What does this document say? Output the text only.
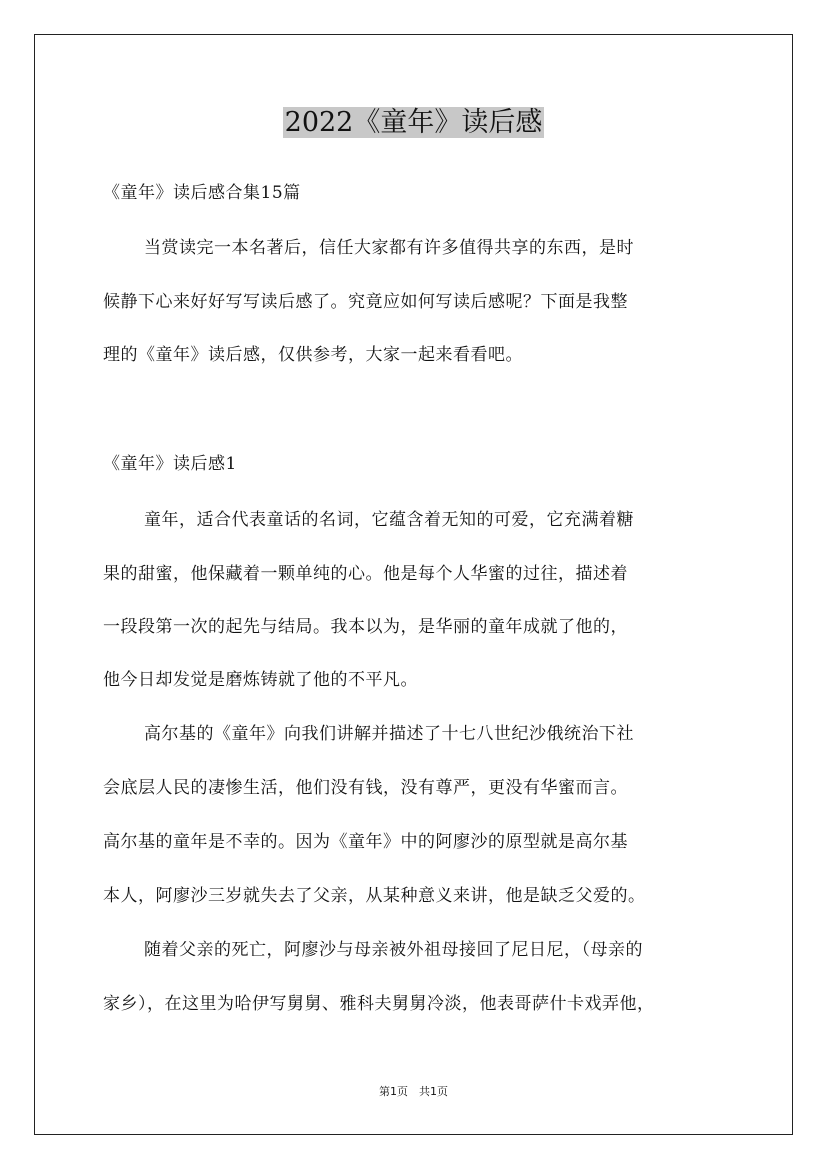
2022《童年》读后感
《童年》读后感合集15篇
当赏读完一本名著后，信任大家都有许多值得共享的东西，是时
候静下心来好好写写读后感了。究竟应如何写读后感呢？下面是我整
理的《童年》读后感，仅供参考，大家一起来看看吧。
《童年》读后感1
童年，适合代表童话的名词，它蕴含着无知的可爱，它充满着糖
果的甜蜜，他保藏着一颗单纯的心。他是每个人华蜜的过往，描述着
一段段第一次的起先与结局。我本以为，是华丽的童年成就了他的，
他今日却发觉是磨炼铸就了他的不平凡。
高尔基的《童年》向我们讲解并描述了十七八世纪沙俄统治下社
会底层人民的凄惨生活，他们没有钱，没有尊严，更没有华蜜而言。
高尔基的童年是不幸的。因为《童年》中的阿廖沙的原型就是高尔基
本人，阿廖沙三岁就失去了父亲，从某种意义来讲，他是缺乏父爱的。
随着父亲的死亡，阿廖沙与母亲被外祖母接回了尼日尼，（母亲的
家乡），在这里为哈伊写舅舅、雅科夫舅舅冷淡，他表哥萨什卡戏弄他，
第1页　共1页
